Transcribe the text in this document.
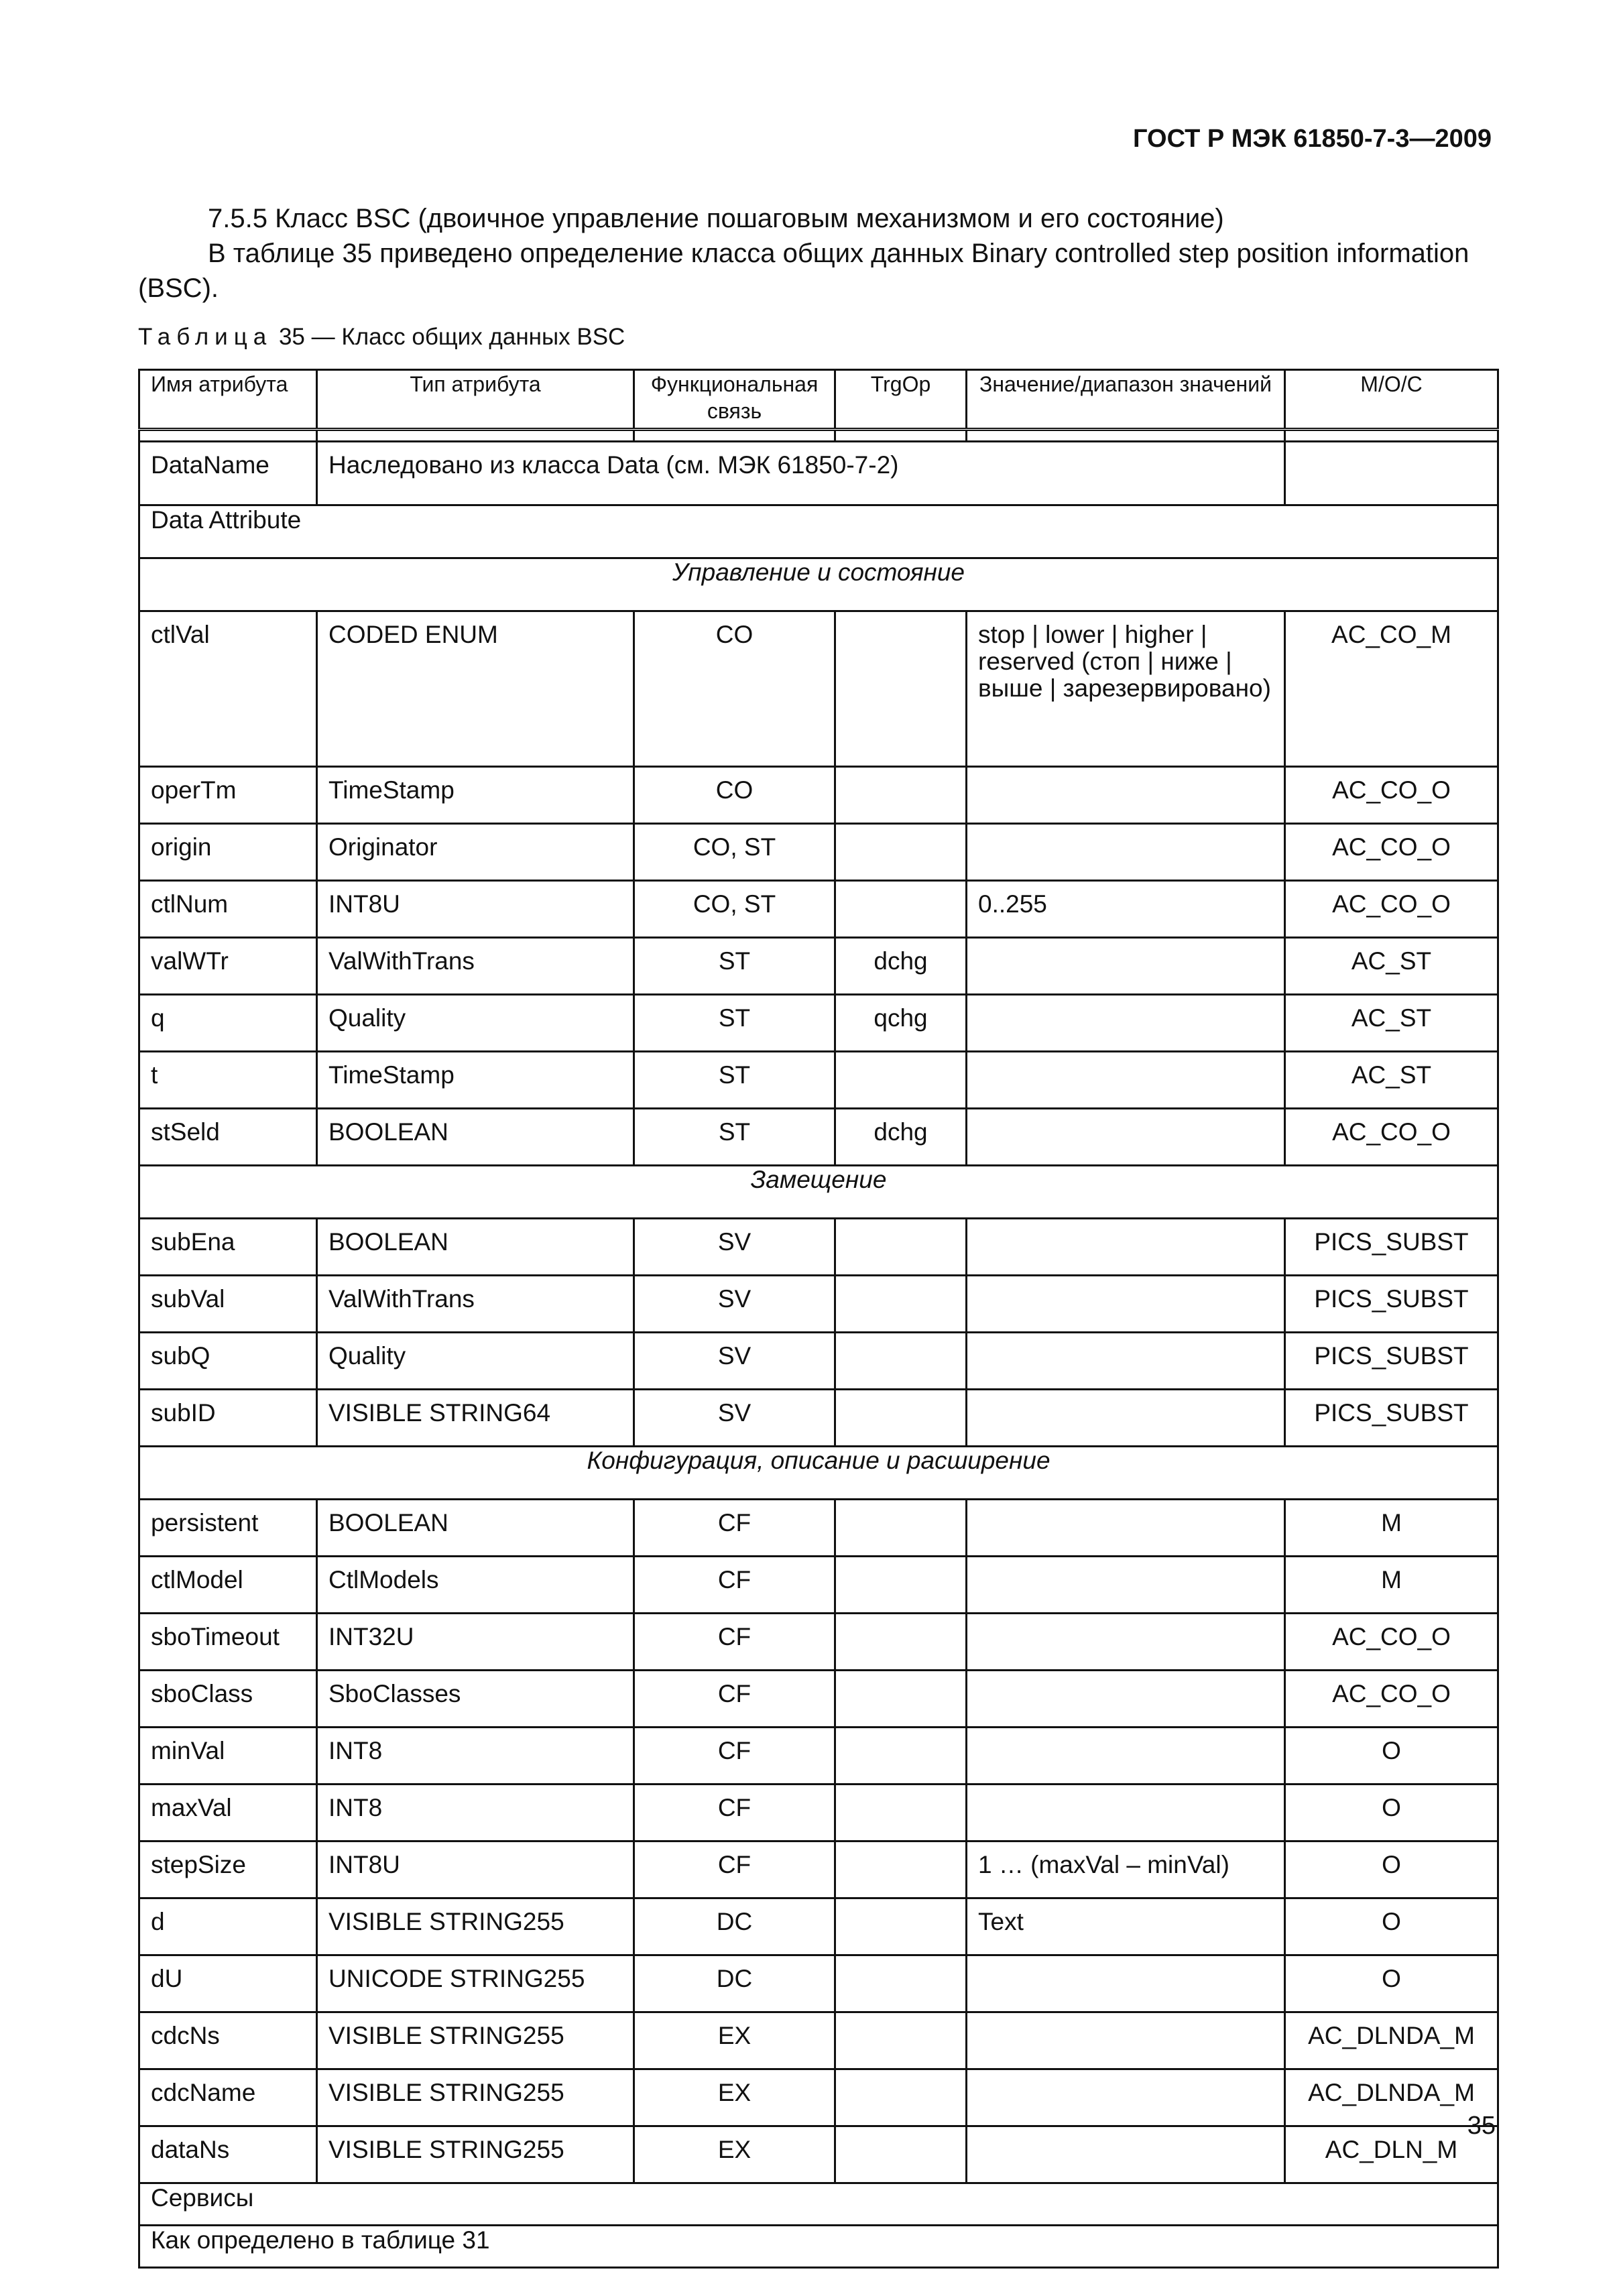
ГОСТ Р МЭК 61850-7-3—2009
7.5.5 Класс BSC (двоичное управление пошаговым механизмом и его состояние)
В таблице 35 приведено определение класса общих данных Binary controlled step position information (BSC).
Таблица 35 — Класс общих данных BSC
Имя атрибута	Тип атрибута	Функциональная связь	TrgOp	Значение/диапазон значений	M/O/C

DataName	Наследовано из класса Data (см. МЭК 61850-7-2)				
Data Attribute					
Управление и состояние					
ctlVal	CODED ENUM	CO		stop | lower | higher | reserved (стоп | ниже | выше | зарезервировано)	AC_CO_M
operTm	TimeStamp	CO			AC_CO_O
origin	Originator	CO, ST			AC_CO_O
ctlNum	INT8U	CO, ST		0..255	AC_CO_O
valWTr	ValWithTrans	ST	dchg		AC_ST
q	Quality	ST	qchg		AC_ST
t	TimeStamp	ST			AC_ST
stSeld	BOOLEAN	ST	dchg		AC_CO_O
Замещение					
subEna	BOOLEAN	SV			PICS_SUBST
subVal	ValWithTrans	SV			PICS_SUBST
subQ	Quality	SV			PICS_SUBST
subID	VISIBLE STRING64	SV			PICS_SUBST
Конфигурация, описание и расширение					
persistent	BOOLEAN	CF			M
ctlModel	CtlModels	CF			M
sboTimeout	INT32U	CF			AC_CO_O
sboClass	SboClasses	CF			AC_CO_O
minVal	INT8	CF			O
maxVal	INT8	CF			O
stepSize	INT8U	CF		1 … (maxVal – minVal)	O
d	VISIBLE STRING255	DC		Text	O
dU	UNICODE STRING255	DC			O
cdcNs	VISIBLE STRING255	EX			AC_DLNDA_M
cdcName	VISIBLE STRING255	EX			AC_DLNDA_M
dataNs	VISIBLE STRING255	EX			AC_DLN_M
Сервисы					
Как определено в таблице 31					
35
